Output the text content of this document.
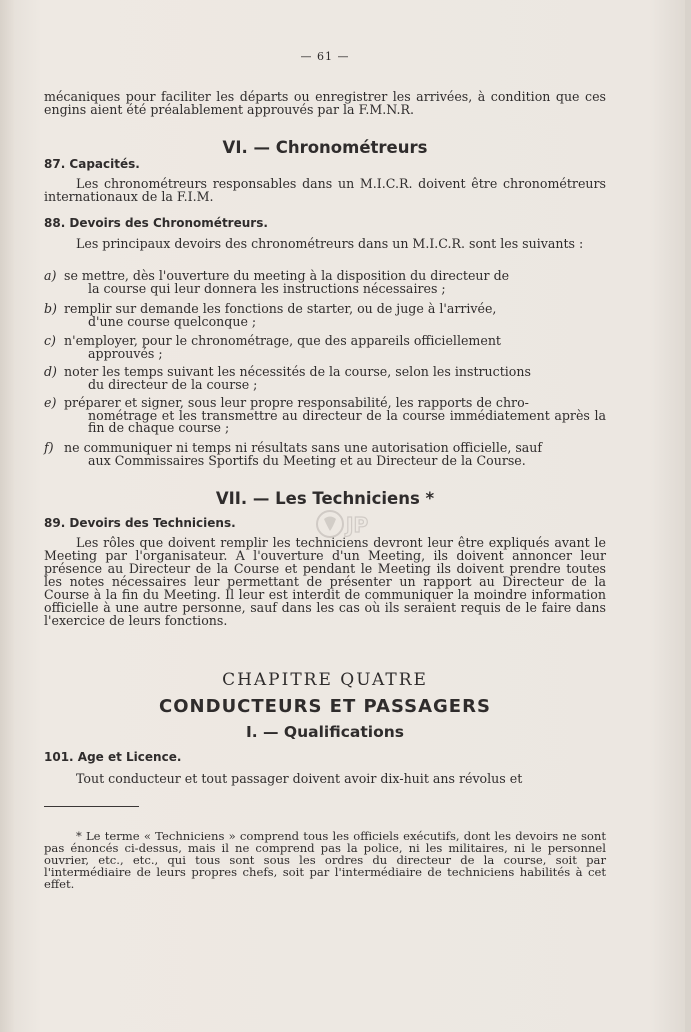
— 61 —

mécaniques pour faciliter les départs ou enregistrer les arrivées, à condition que ces engins aient été préalablement approuvés par la F.M.N.R.

VI. — Chronométreurs
87. Capacités.

Les chronométreurs responsables dans un M.I.C.R. doivent être chronométreurs internationaux de la F.I.M.

88. Devoirs des Chronométreurs.

Les principaux devoirs des chronométreurs dans un M.I.C.R. sont les suivants :

a) se mettre, dès l'ouverture du meeting à la disposition du directeur de
la course qui leur donnera les instructions nécessaires ;
b) remplir sur demande les fonctions de starter, ou de juge à l'arrivée,
d'une course quelconque ;
c) n'employer, pour le chronométrage, que des appareils officiellement
approuvés ;
d) noter les temps suivant les nécessités de la course, selon les instructions
du directeur de la course ;
e) préparer et signer, sous leur propre responsabilité, les rapports de chro-
nométrage et les transmettre au directeur de la course immédiatement après la fin de chaque course ;
f) ne communiquer ni temps ni résultats sans une autorisation officielle, sauf
aux Commissaires Sportifs du Meeting et au Directeur de la Course.
VII. — Les Techniciens *
89. Devoirs des Techniciens.

Les rôles que doivent remplir les techniciens devront leur être expliqués avant le Meeting par l'organisateur. A l'ouverture d'un Meeting, ils doivent annoncer leur présence au Directeur de la Course et pendant le Meeting ils doivent prendre toutes les notes nécessaires leur permettant de présenter un rapport au Directeur de la Course à la fin du Meeting. Il leur est interdit de communiquer la moindre information officielle à une autre personne, sauf dans les cas où ils seraient requis de le faire dans l'exercice de leurs fonctions.

CHAPITRE QUATRE
CONDUCTEURS ET PASSAGERS
I. — Qualifications
101. Age et Licence.

Tout conducteur et tout passager doivent avoir dix-huit ans révolus et

* Le terme « Techniciens » comprend tous les officiels exécutifs, dont les devoirs ne sont pas énoncés ci-dessus, mais il ne comprend pas la police, ni les militaires, ni le personnel ouvrier, etc., etc., qui tous sont sous les ordres du directeur de la course, soit par l'intermédiaire de leurs propres chefs, soit par l'intermédiaire de techniciens habilités à cet effet.

JP
